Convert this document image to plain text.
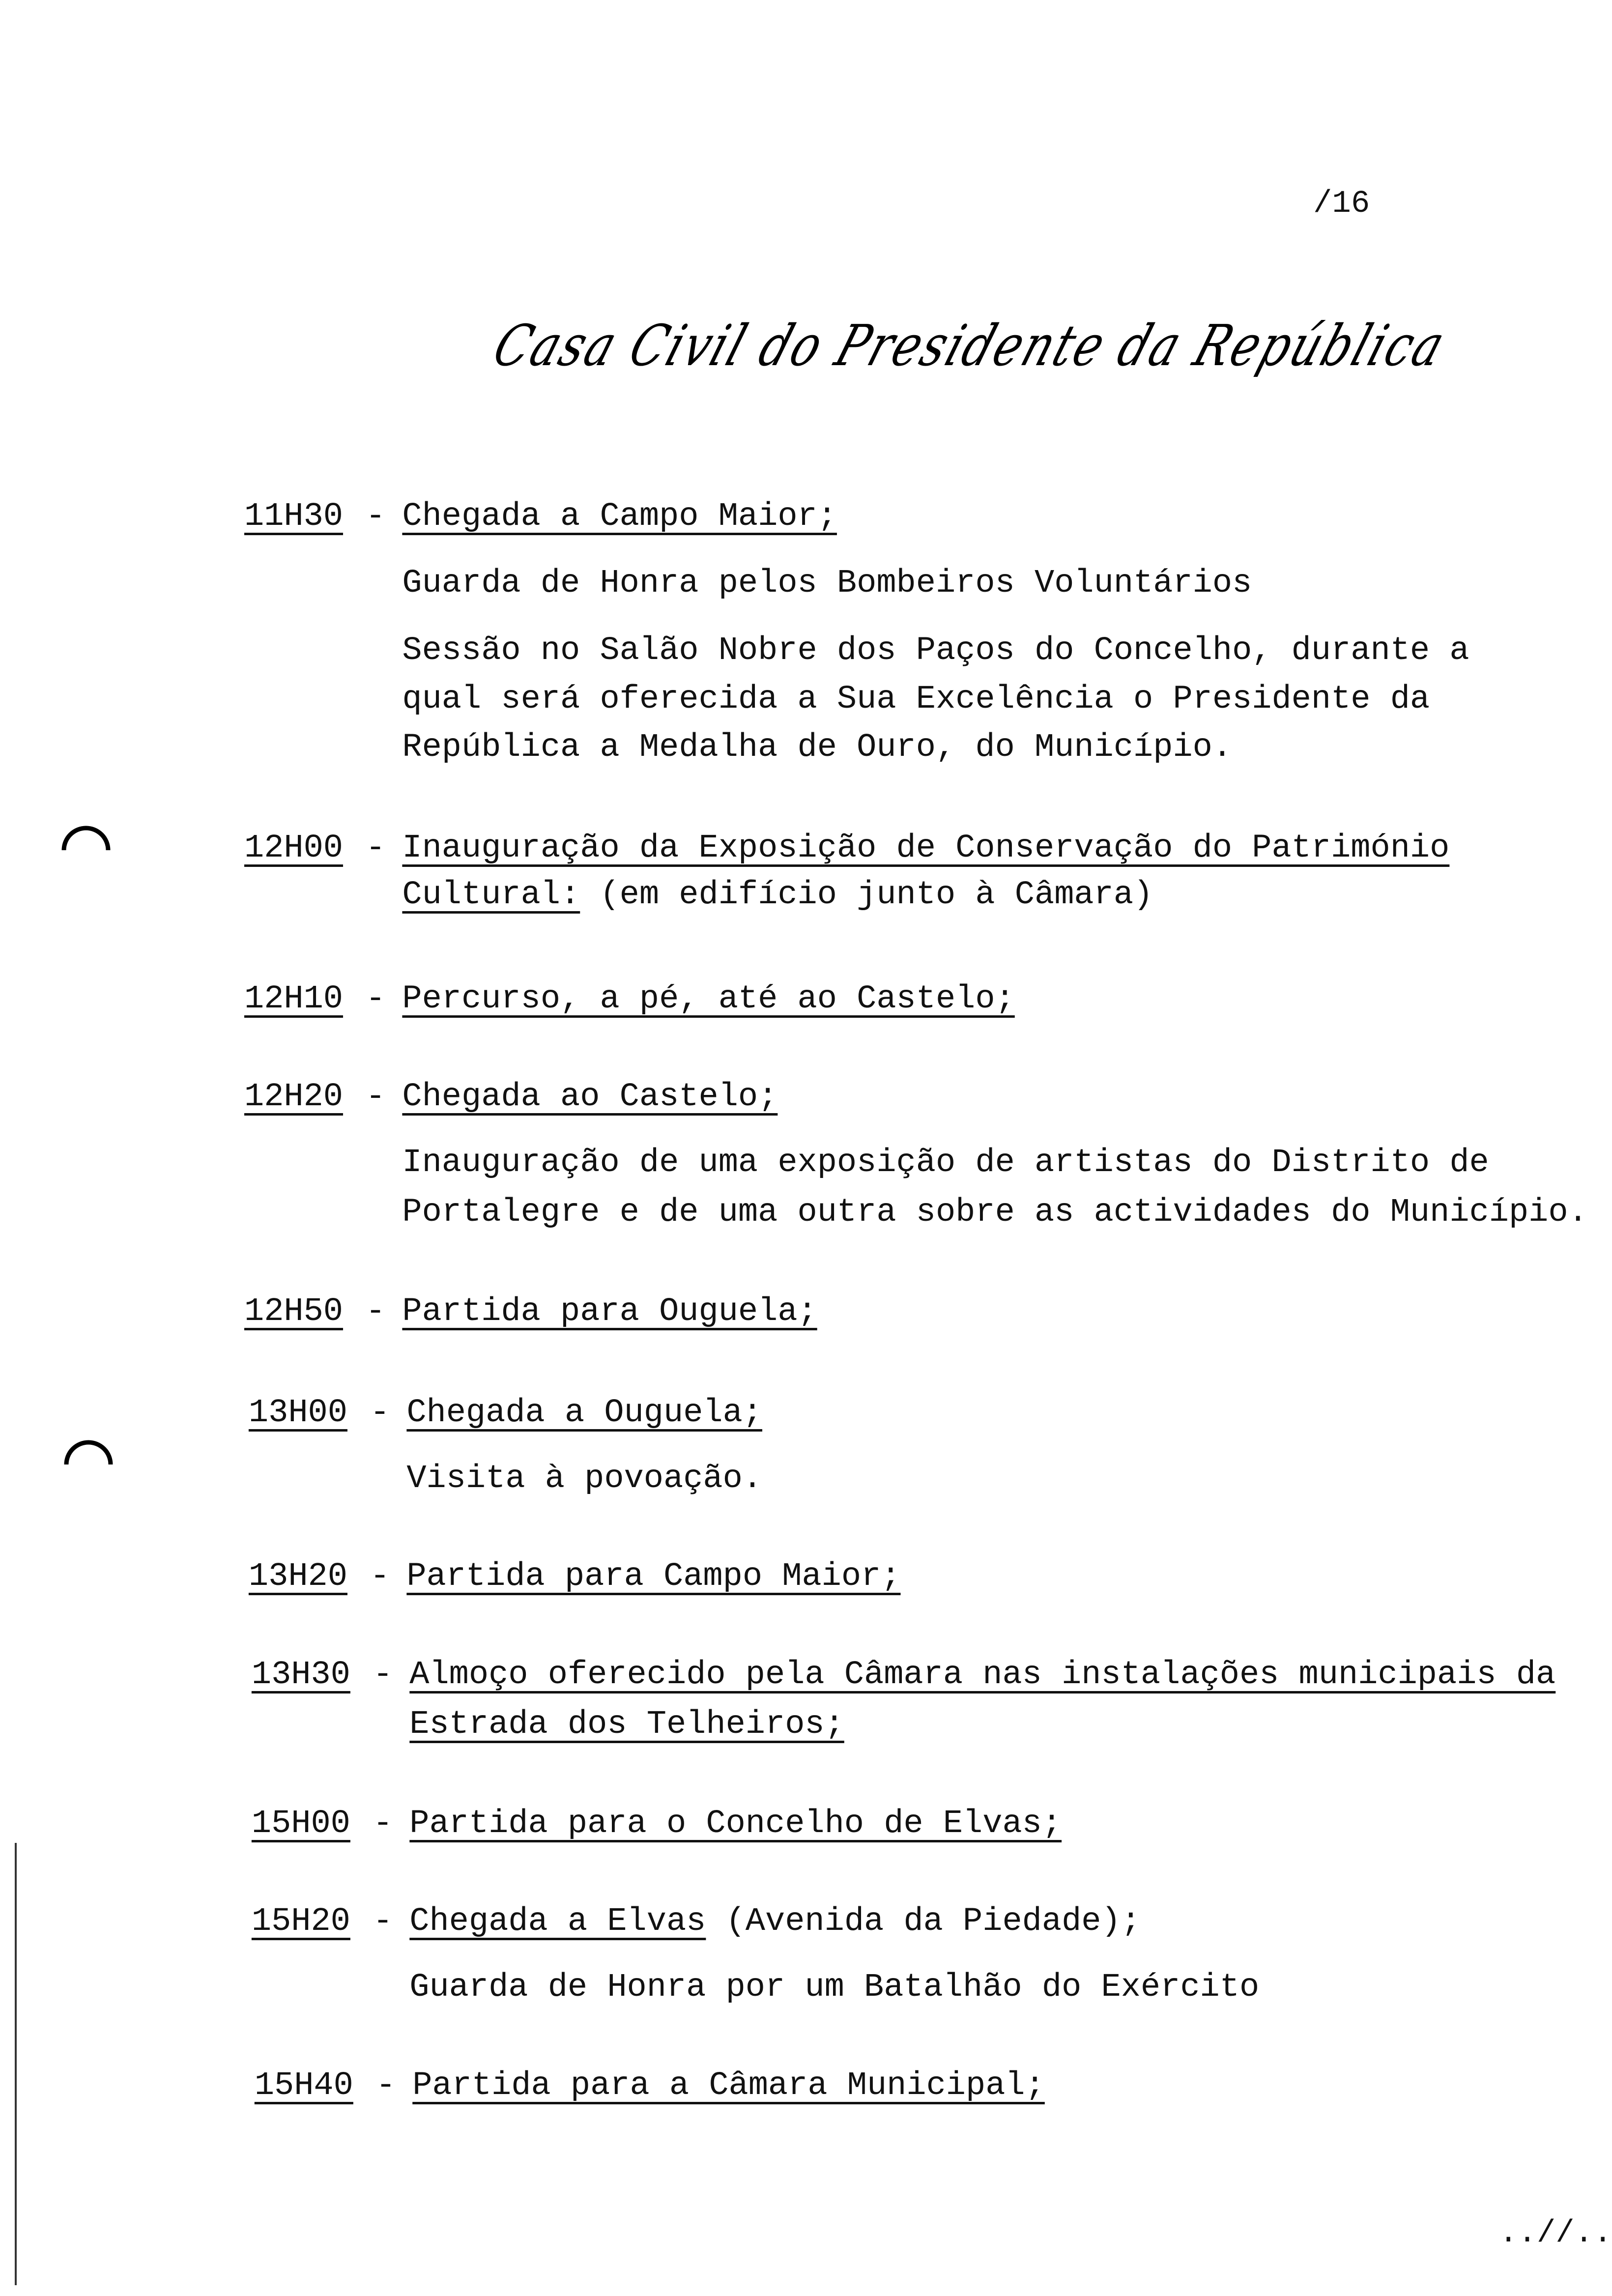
/16
Casa Civil do Presidente da República
11H30 - Chegada a Campo Maior;
Guarda de Honra pelos Bombeiros Voluntários
Sessão no Salão Nobre dos Paços do Concelho, durante a
qual será oferecida a Sua Excelência o Presidente da
República a Medalha de Ouro, do Município.
12H00 - Inauguração da Exposição de Conservação do Património
Cultural: (em edifício junto à Câmara)
12H10 - Percurso, a pé, até ao Castelo;
12H20 - Chegada ao Castelo;
Inauguração de uma exposição de artistas do Distrito de
Portalegre e de uma outra sobre as actividades do Município.
12H50 - Partida para Ouguela;
13H00 - Chegada a Ouguela;
Visita à povoação.
13H20 - Partida para Campo Maior;
13H30 - Almoço oferecido pela Câmara nas instalações municipais da
Estrada dos Telheiros;
15H00 - Partida para o Concelho de Elvas;
15H20 - Chegada a Elvas (Avenida da Piedade);
Guarda de Honra por um Batalhão do Exército
15H40 - Partida para a Câmara Municipal;
..//..
